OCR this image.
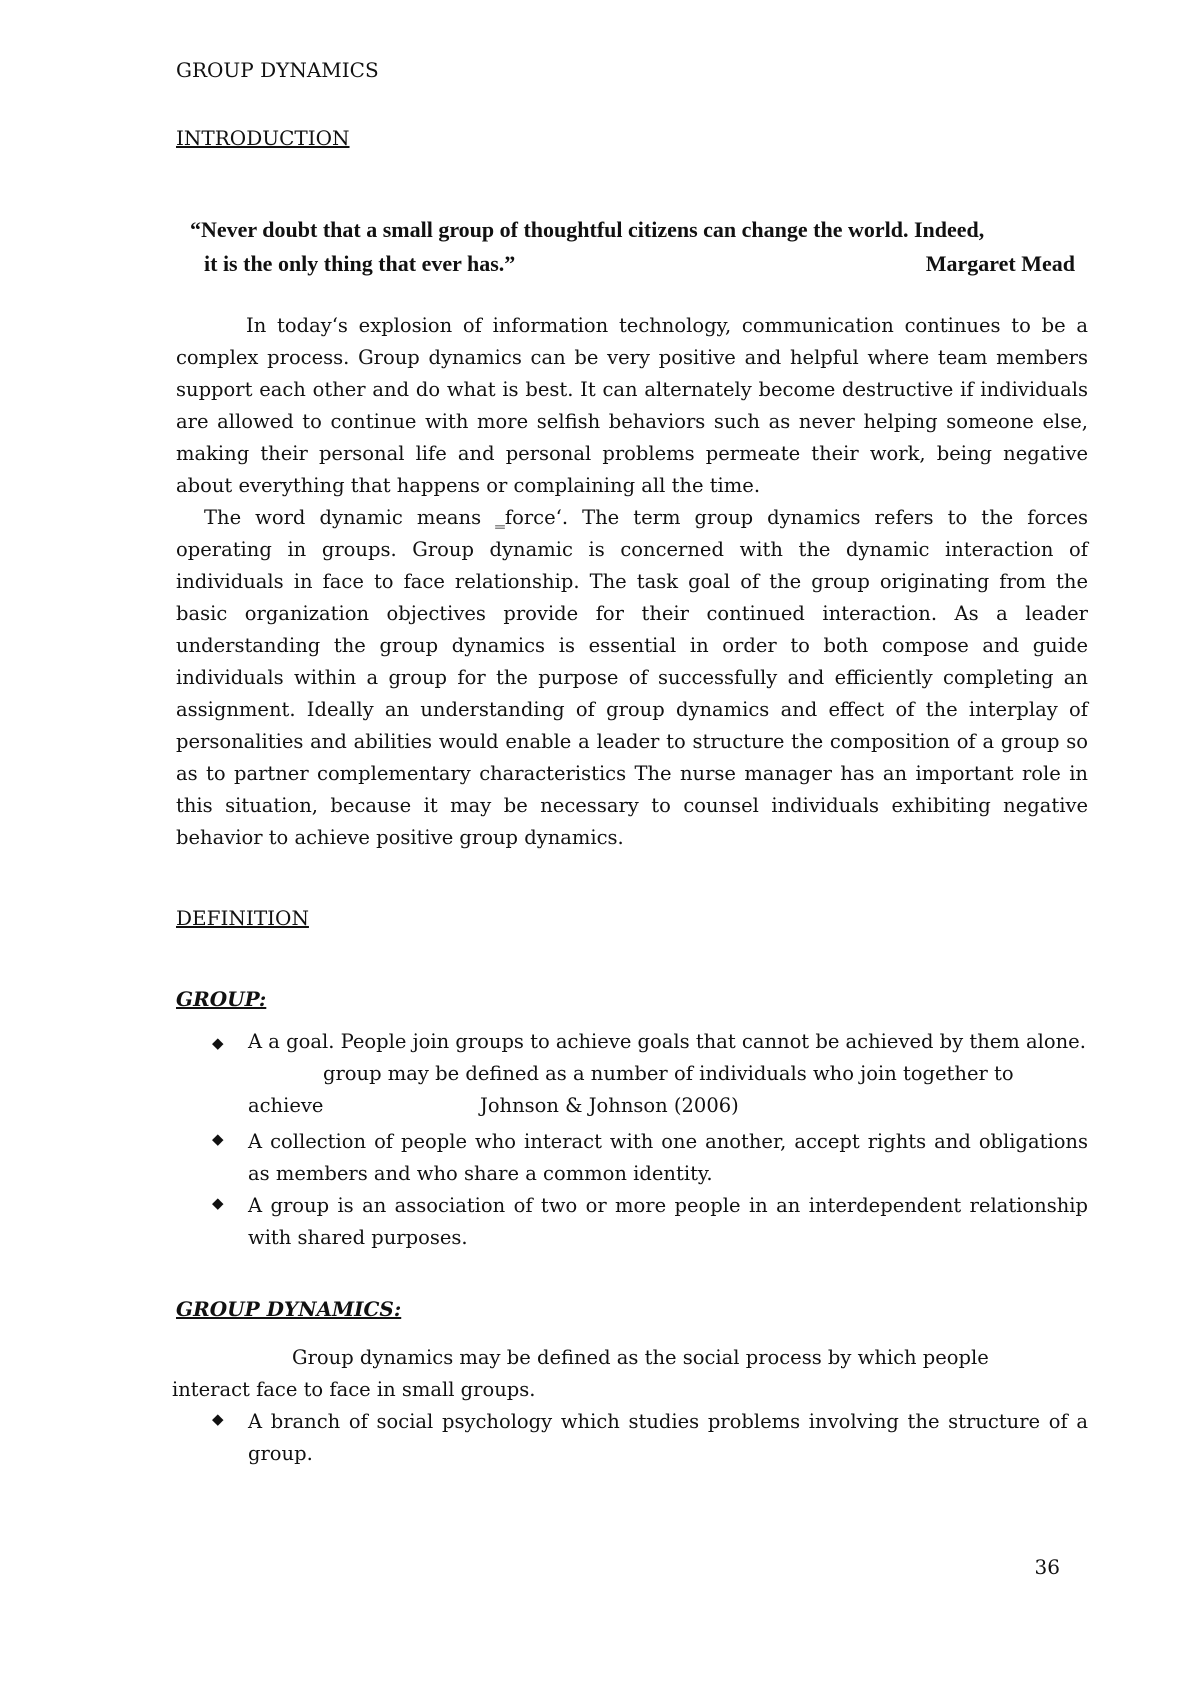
GROUP DYNAMICS
INTRODUCTION
“Never doubt that a small group of thoughtful citizens can change the world. Indeed,
it is the only thing that ever has.”	Margaret Mead
In today‘s explosion of information technology, communication continues to be a complex process. Group dynamics can be very positive and helpful where team members support each other and do what is best. It can alternately become destructive if individuals are allowed to continue with more selfish behaviors such as never helping someone else, making their personal life and personal problems permeate their work, being negative about everything that happens or complaining all the time.
The word dynamic means ‗force‘. The term group dynamics refers to the forces operating in groups. Group dynamic is concerned with the dynamic interaction of individuals in face to face relationship. The task goal of the group originating from the basic organization objectives provide for their continued interaction. As a leader understanding the group dynamics is essential in order to both compose and guide individuals within a group for the purpose of successfully and efficiently completing an assignment. Ideally an understanding of group dynamics and effect of the interplay of personalities and abilities would enable a leader to structure the composition of a group so as to partner complementary characteristics The nurse manager has an important role in this situation, because it may be necessary to counsel individuals exhibiting negative behavior to achieve positive group dynamics.
DEFINITION
GROUP:
◆ A a goal. People join groups to achieve goals that cannot be achieved by them alone.
group may be defined as a number of individuals who join together to
achieve	Johnson & Johnson (2006)
◆ A collection of people who interact with one another, accept rights and obligations as members and who share a common identity.
◆ A group is an association of two or more people in an interdependent relationship with shared purposes.
GROUP DYNAMICS:
Group dynamics may be defined as the social process by which people interact face to face in small groups.
◆ A branch of social psychology which studies problems involving the structure of a group.
36
